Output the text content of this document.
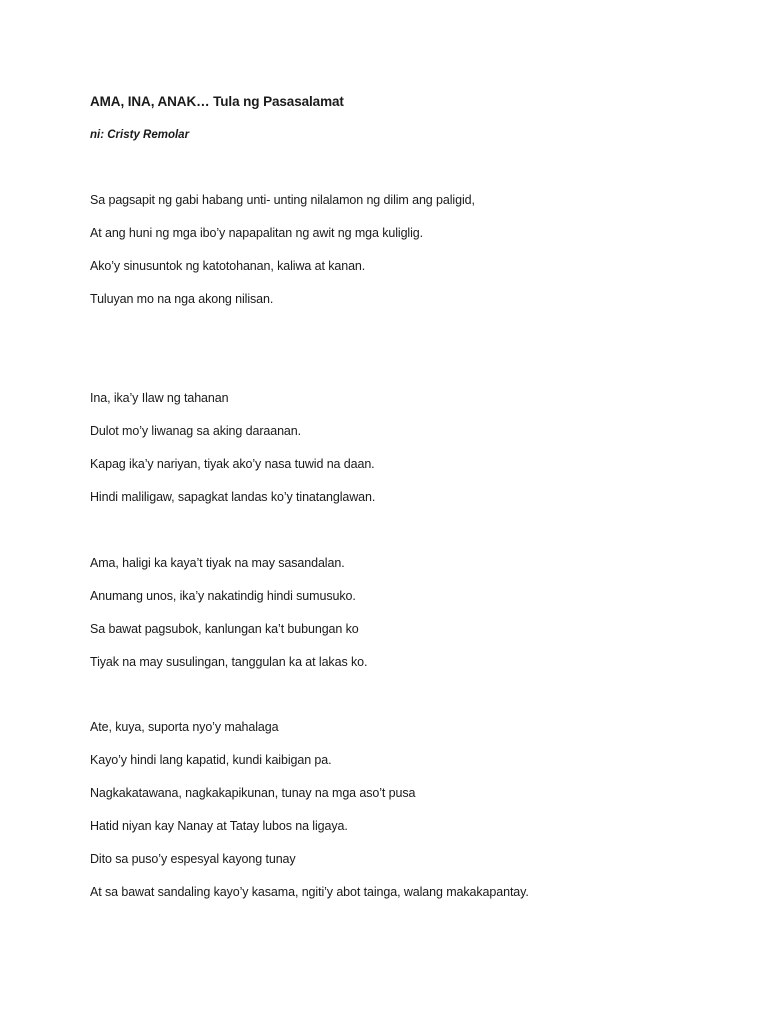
AMA, INA, ANAK… Tula ng Pasasalamat
ni: Cristy Remolar
Sa pagsapit ng gabi habang unti- unting nilalamon ng dilim ang paligid,
At ang huni ng mga ibo’y napapalitan ng awit ng mga kuliglig.
Ako’y sinusuntok ng katotohanan, kaliwa at kanan.
Tuluyan mo na nga akong nilisan.
Ina, ika’y Ilaw ng tahanan
Dulot mo’y liwanag sa aking daraanan.
Kapag ika’y nariyan, tiyak ako’y nasa tuwid na daan.
Hindi maliligaw, sapagkat landas ko’y tinatanglawan.
Ama, haligi ka kaya’t tiyak na may sasandalan.
Anumang unos, ika’y nakatindig hindi sumusuko.
Sa bawat pagsubok, kanlungan ka’t bubungan ko
Tiyak na may susulingan, tanggulan ka at lakas ko.
Ate, kuya, suporta nyo’y mahalaga
Kayo’y hindi lang kapatid, kundi kaibigan pa.
Nagkakatawana, nagkakapikunan, tunay na mga aso’t pusa
Hatid niyan kay Nanay at Tatay lubos na ligaya.
Dito sa puso’y espesyal kayong tunay
At sa bawat sandaling kayo’y kasama, ngiti’y abot tainga, walang makakapantay.
